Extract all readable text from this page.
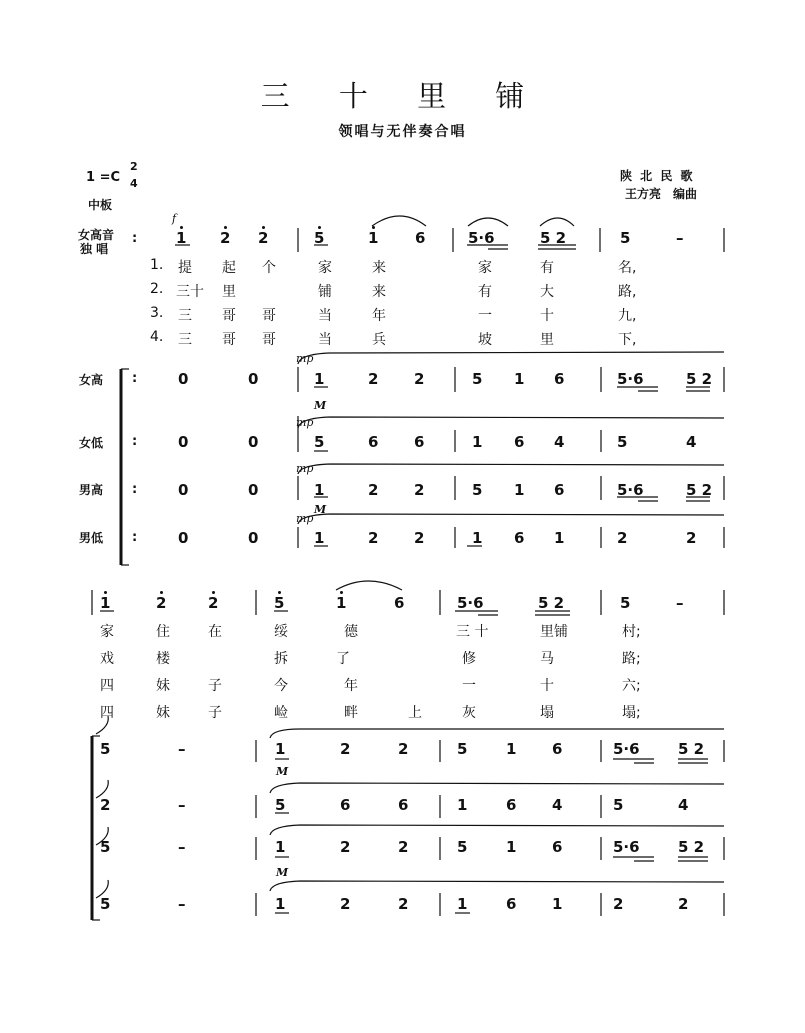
三 十 里 铺
领唱与无伴奏合唱
1 =C
2
4
中板
陕 北 民 歌
王方亮　编曲
f
女高音
独 唱
:	1 2 2	5	1 6	5·6	5 2	5	–
1. 提 起 个	家	来	家	有	名,
2. 三十 里	铺	来	有	大	路,
3. 三 哥 哥	当	年	一	十	九,
4. 三 哥 哥	当	兵	坡	里	下,
女高
女低
男高
男低
0	0	1	2 2	5 1 6	5·6	5 2
:
0	0	5	6 6	1 6 4	5	4
:
0	0	1	2 2	5 1 6	5·6	5 2
:
0	0	1	2 2	1 6 1	2	2
:
mp
mp
mp
mp
M
M
1	2	2	5	1	6	5·6	5 2	5	–
家	住	在	绥	德	三 十	里铺	村;
戏	楼	拆	了	修	马	路;
四	妹	子	今	年	一	十	六;
四	妹	子	崄	畔	上	灰	塌	塌;
5	–	1	2	2	5	1 6	5·6	5 2
2	–	5	6	6	1	6 4	5	4
5	–	1	2	2	5	1 6	5·6	5 2
5	–	1	2	2	1	6 1	2	2
M
M
